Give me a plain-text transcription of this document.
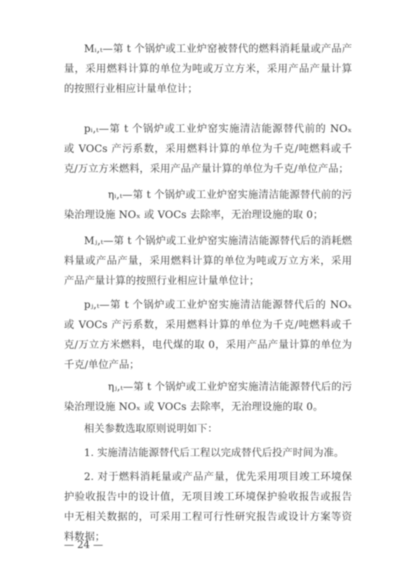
Mᵢ,ₜ—第 t 个锅炉或工业炉窑被替代的燃料消耗量或产品产量，采用燃料计算的单位为吨或万立方米，采用产品产量计算的按照行业相应计量单位计；

pᵢ,ₜ—第 t 个锅炉或工业炉窑实施清洁能源替代前的 NOₓ 或 VOCs 产污系数，采用燃料计算的单位为千克/吨燃料或千克/万立方米燃料，采用产品产量计算的单位为千克/单位产品；

ηᵢ,ₜ—第 t 个锅炉或工业炉窑实施清洁能源替代前的污染治理设施 NOₓ 或 VOCs 去除率，无治理设施的取 0；

Mⱼ,ₜ—第 t 个锅炉或工业炉窑实施清洁能源替代后的消耗燃料量或产品产量，采用燃料计算的单位为吨或万立方米，采用产品产量计算的按照行业相应计量单位计；

pⱼ,ₜ—第 t 个锅炉或工业炉窑实施清洁能源替代后的 NOₓ 或 VOCs 产污系数，采用燃料计算的单位为千克/吨燃料或千克/万立方米燃料，电代煤的取 0，采用产品产量计算的单位为千克/单位产品；

ηⱼ,ₜ—第 t 个锅炉或工业炉窑实施清洁能源替代后的污染治理设施 NOₓ 或 VOCs 去除率，无治理设施的取 0。

相关参数选取原则说明如下：

1. 实施清洁能源替代后工程以完成替代后投产时间为准。

2. 对于燃料消耗量或产品产量，优先采用项目竣工环境保护验收报告中的设计值，无项目竣工环境保护验收报告或报告中无相关数据的，可采用工程可行性研究报告或设计方案等资料数据；

— 24 —
